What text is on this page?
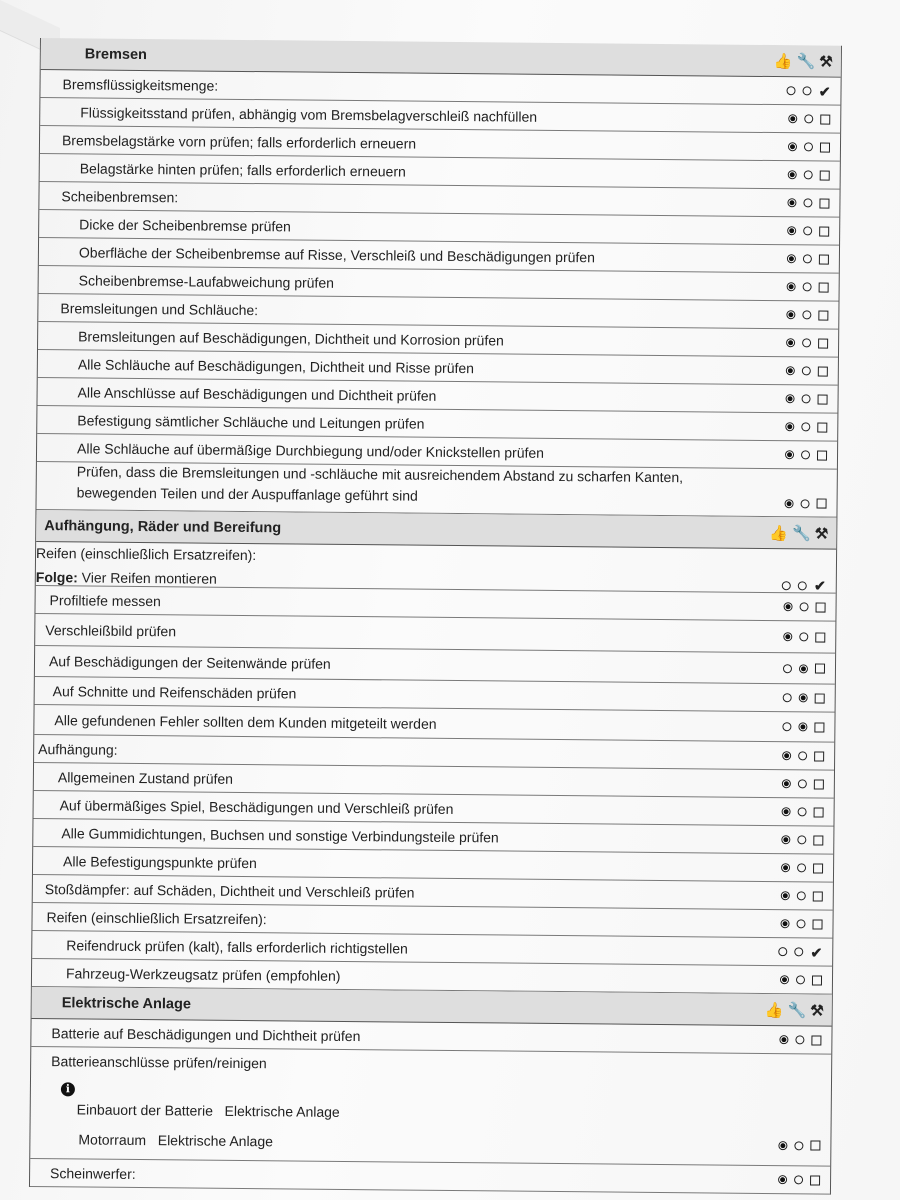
Bremsen	👍 🔧 ⚒
Bremsflüssigkeitsmenge:	✔
Flüssigkeitsstand prüfen, abhängig vom Bremsbelagverschleiß nachfüllen
Bremsbelagstärke vorn prüfen; falls erforderlich erneuern
Belagstärke hinten prüfen; falls erforderlich erneuern
Scheibenbremsen:
Dicke der Scheibenbremse prüfen
Oberfläche der Scheibenbremse auf Risse, Verschleiß und Beschädigungen prüfen
Scheibenbremse-Laufabweichung prüfen
Bremsleitungen und Schläuche:
Bremsleitungen auf Beschädigungen, Dichtheit und Korrosion prüfen
Alle Schläuche auf Beschädigungen, Dichtheit und Risse prüfen
Alle Anschlüsse auf Beschädigungen und Dichtheit prüfen
Befestigung sämtlicher Schläuche und Leitungen prüfen
Alle Schläuche auf übermäßige Durchbiegung und/oder Knickstellen prüfen
Prüfen, dass die Bremsleitungen und -schläuche mit ausreichendem Abstand zu scharfen Kanten, bewegenden Teilen und der Auspuffanlage geführt sind
Aufhängung, Räder und Bereifung	👍 🔧 ⚒
Reifen (einschließlich Ersatzreifen):
Folge: Vier Reifen montieren	✔
Profiltiefe messen
Verschleißbild prüfen
Auf Beschädigungen der Seitenwände prüfen
Auf Schnitte und Reifenschäden prüfen
Alle gefundenen Fehler sollten dem Kunden mitgeteilt werden
Aufhängung:
Allgemeinen Zustand prüfen
Auf übermäßiges Spiel, Beschädigungen und Verschleiß prüfen
Alle Gummidichtungen, Buchsen und sonstige Verbindungsteile prüfen
Alle Befestigungspunkte prüfen
Stoßdämpfer: auf Schäden, Dichtheit und Verschleiß prüfen
Reifen (einschließlich Ersatzreifen):
Reifendruck prüfen (kalt), falls erforderlich richtigstellen	✔
Fahrzeug-Werkzeugsatz prüfen (empfohlen)
Elektrische Anlage	👍 🔧 ⚒
Batterie auf Beschädigungen und Dichtheit prüfen
Batterieanschlüsse prüfen/reinigen
i
Einbauort der Batterie Elektrische Anlage
Motorraum Elektrische Anlage
Scheinwerfer:
